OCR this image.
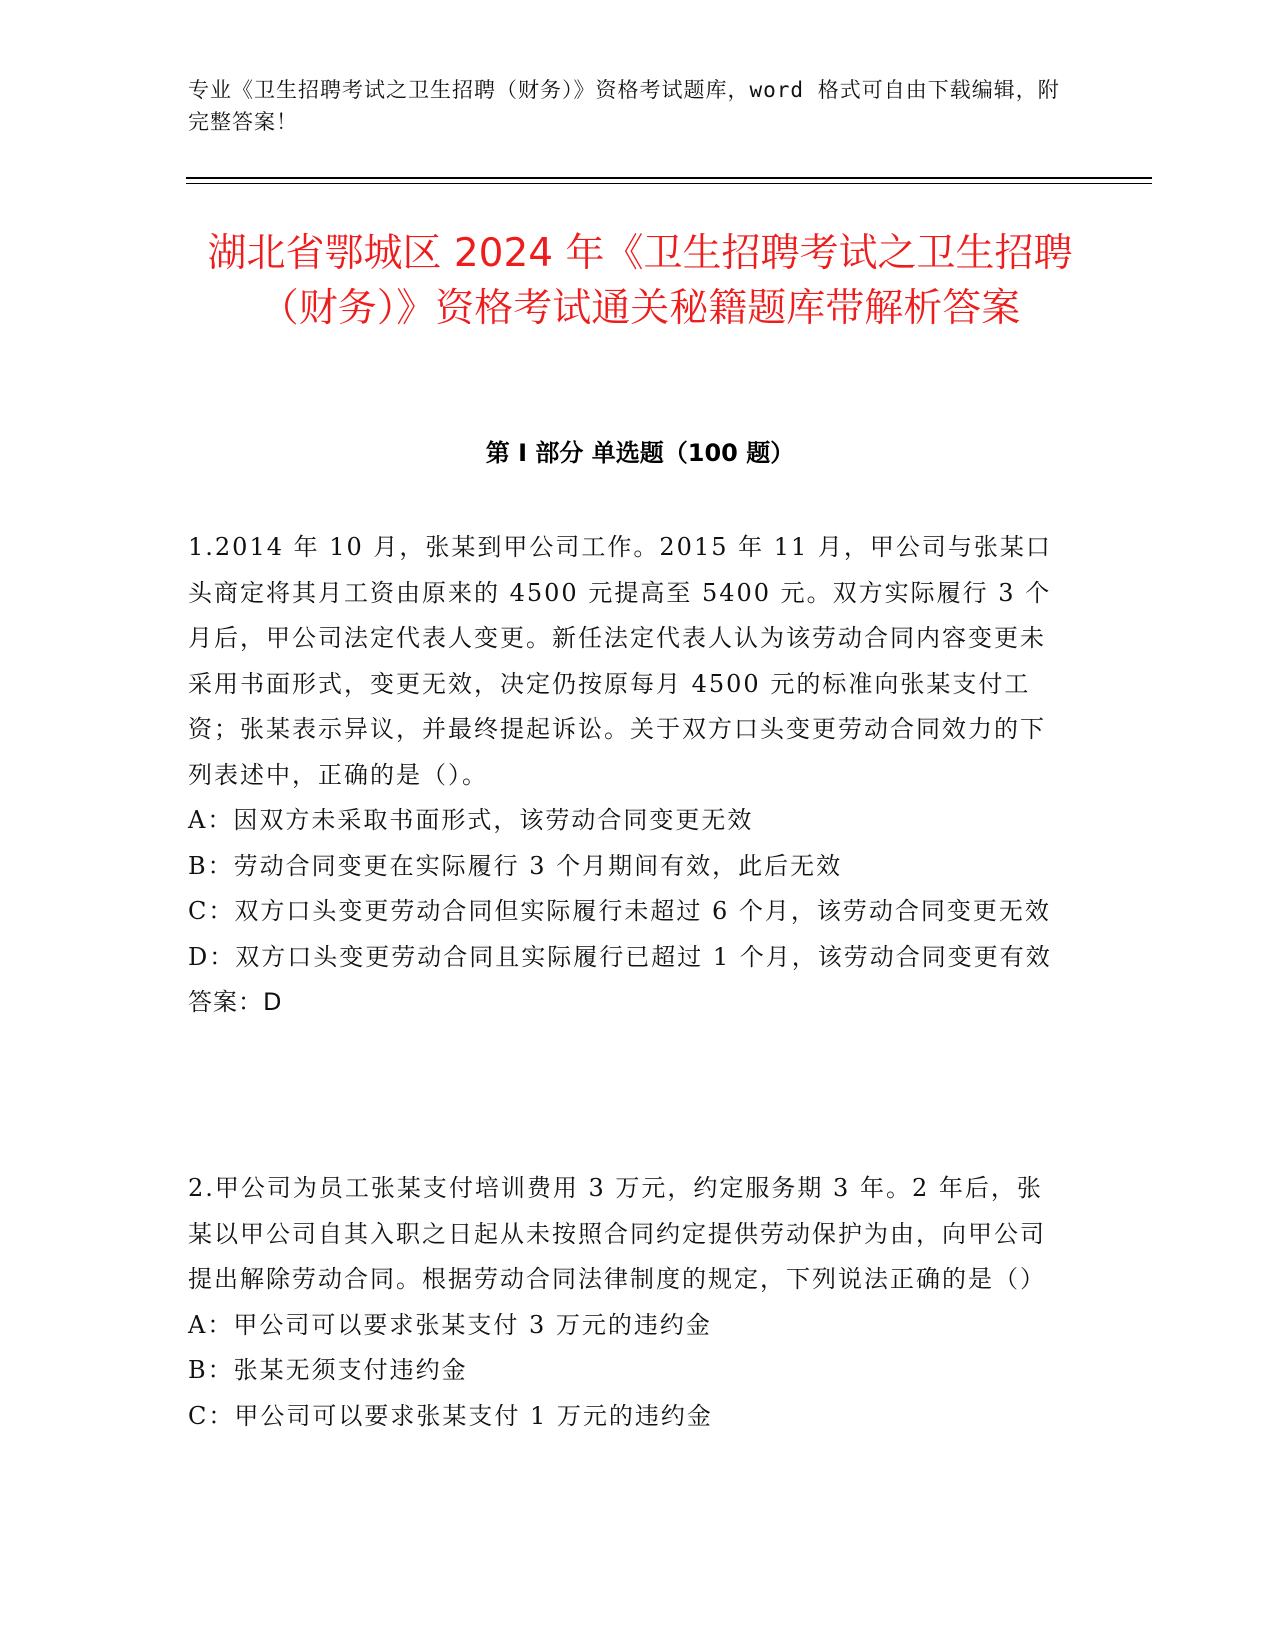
专业《卫生招聘考试之卫生招聘（财务）》资格考试题库，word 格式可自由下载编辑，附完整答案！
湖北省鄂城区 2024 年《卫生招聘考试之卫生招聘（财务）》资格考试通关秘籍题库带解析答案
第 I 部分 单选题（100 题）

1.2014 年 10 月，张某到甲公司工作。2015 年 11 月，甲公司与张某口头商定将其月工资由原来的 4500 元提高至 5400 元。双方实际履行 3 个月后，甲公司法定代表人变更。新任法定代表人认为该劳动合同内容变更未采用书面形式，变更无效，决定仍按原每月 4500 元的标准向张某支付工资；张某表示异议，并最终提起诉讼。关于双方口头变更劳动合同效力的下列表述中，正确的是（）。

A：因双方未采取书面形式，该劳动合同变更无效

B：劳动合同变更在实际履行 3 个月期间有效，此后无效

C：双方口头变更劳动合同但实际履行未超过 6 个月，该劳动合同变更无效

D：双方口头变更劳动合同且实际履行已超过 1 个月，该劳动合同变更有效

答案：D

2.甲公司为员工张某支付培训费用 3 万元，约定服务期 3 年。2 年后，张某以甲公司自其入职之日起从未按照合同约定提供劳动保护为由，向甲公司提出解除劳动合同。根据劳动合同法律制度的规定，下列说法正确的是（）

A：甲公司可以要求张某支付 3 万元的违约金

B：张某无须支付违约金

C：甲公司可以要求张某支付 1 万元的违约金
